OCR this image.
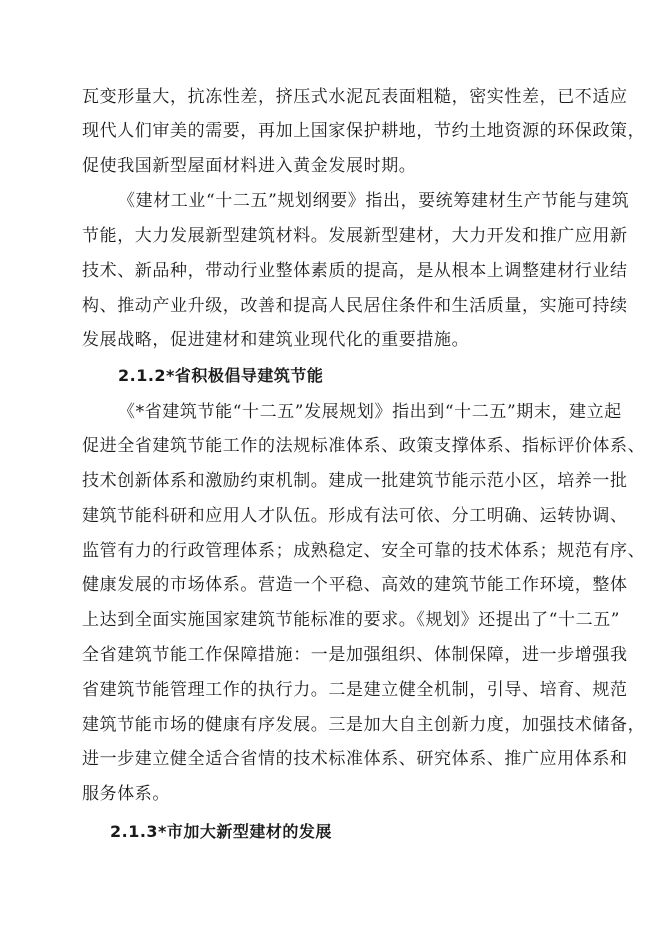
瓦变形量大，抗冻性差，挤压式水泥瓦表面粗糙，密实性差，已不适应
现代人们审美的需要，再加上国家保护耕地，节约土地资源的环保政策，
促使我国新型屋面材料进入黄金发展时期。
《建材工业“十二五”规划纲要》指出，要统筹建材生产节能与建筑
节能，大力发展新型建筑材料。发展新型建材，大力开发和推广应用新
技术、新品种，带动行业整体素质的提高，是从根本上调整建材行业结
构、推动产业升级，改善和提高人民居住条件和生活质量，实施可持续
发展战略，促进建材和建筑业现代化的重要措施。
2.1.2*省积极倡导建筑节能
《*省建筑节能“十二五”发展规划》指出到“十二五”期末，建立起
促进全省建筑节能工作的法规标准体系、政策支撑体系、指标评价体系、
技术创新体系和激励约束机制。建成一批建筑节能示范小区，培养一批
建筑节能科研和应用人才队伍。形成有法可依、分工明确、运转协调、
监管有力的行政管理体系；成熟稳定、安全可靠的技术体系；规范有序、
健康发展的市场体系。营造一个平稳、高效的建筑节能工作环境，整体
上达到全面实施国家建筑节能标准的要求。《规划》还提出了“十二五”
全省建筑节能工作保障措施：一是加强组织、体制保障，进一步增强我
省建筑节能管理工作的执行力。二是建立健全机制，引导、培育、规范
建筑节能市场的健康有序发展。三是加大自主创新力度，加强技术储备，
进一步建立健全适合省情的技术标准体系、研究体系、推广应用体系和
服务体系。
2.1.3*市加大新型建材的发展
